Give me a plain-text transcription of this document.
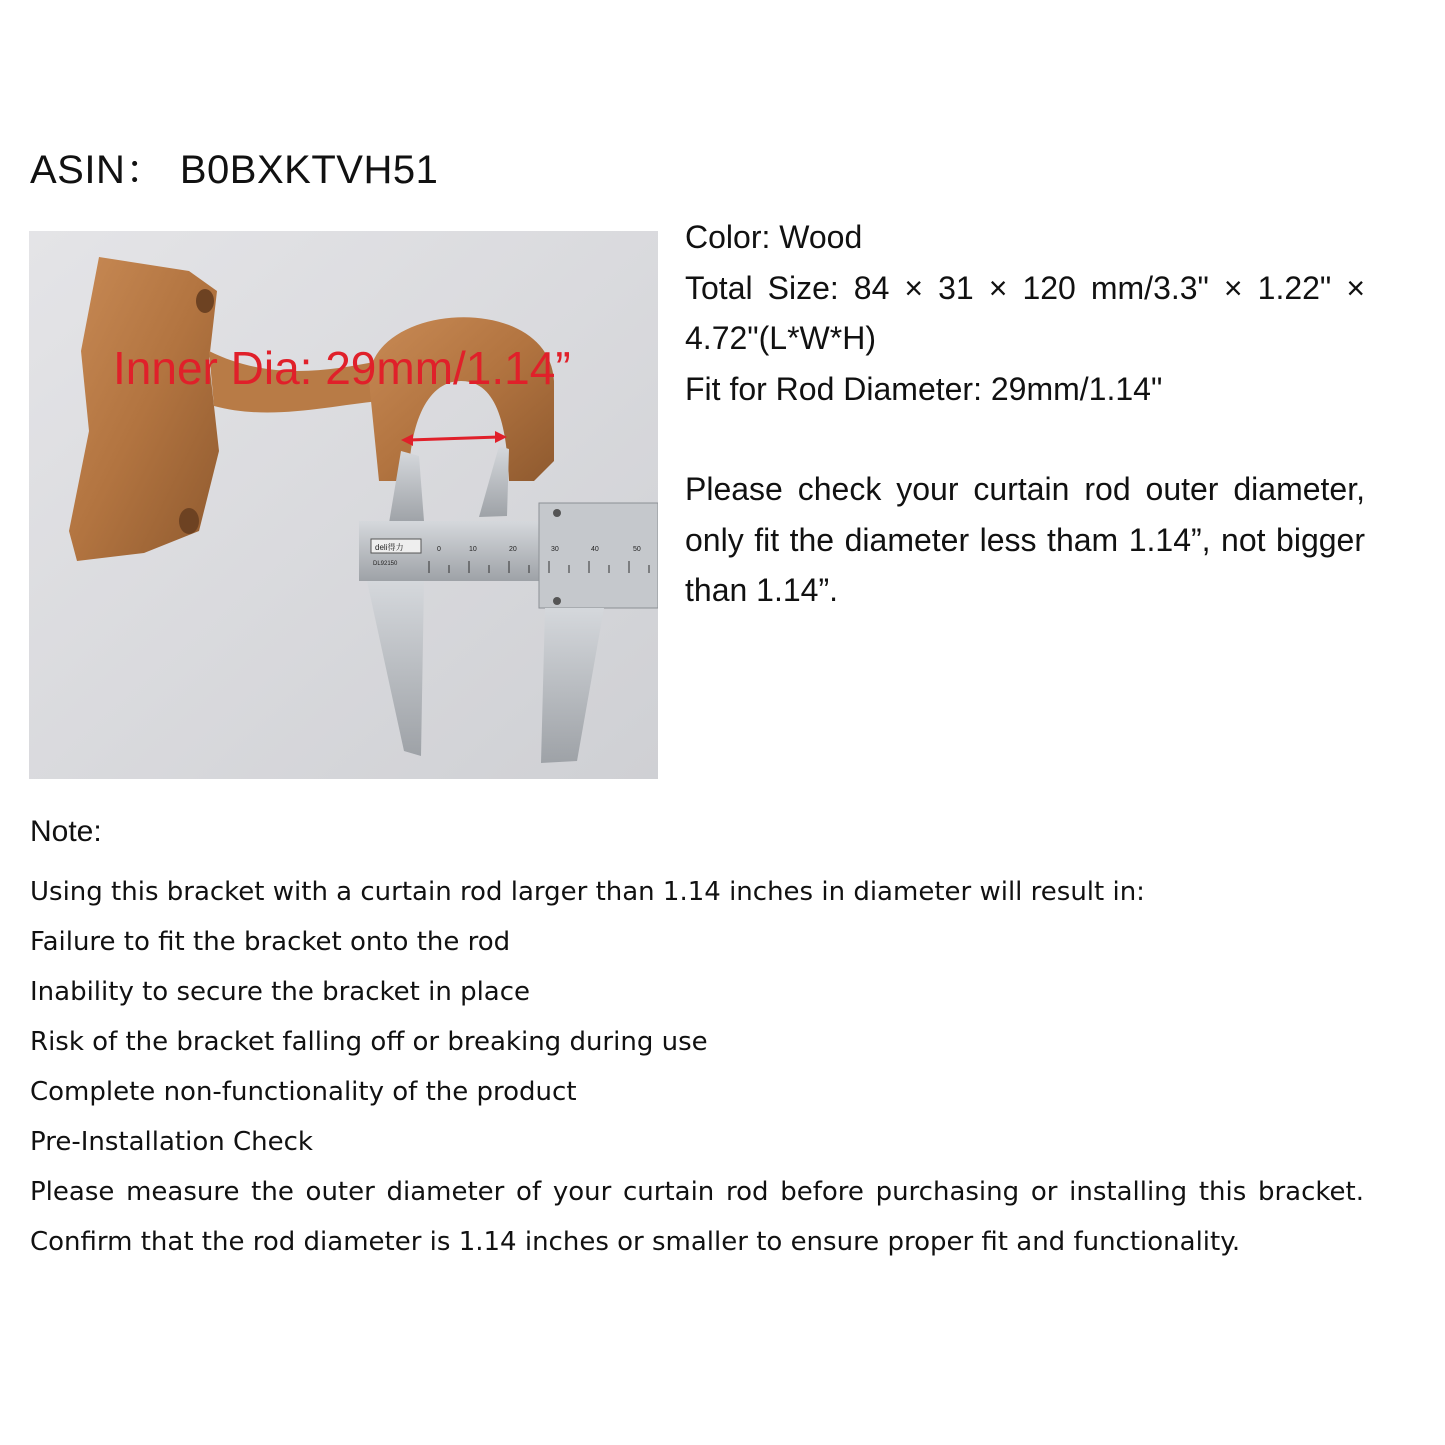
ASIN： B0BXKTVH51
deli得力
DL92150
0	10	20	30	40	50
Inner Dia: 29mm/1.14”

Color: Wood

Total Size: 84 × 31 × 120 mm/3.3" × 1.22" × 4.72"(L*W*H)

Fit for Rod Diameter: 29mm/1.14"

Please check your curtain rod outer diameter, only fit the diameter less tham 1.14”, not bigger than 1.14”.

Note:

Using this bracket with a curtain rod larger than 1.14 inches in diameter will result in:

Failure to fit the bracket onto the rod

Inability to secure the bracket in place

Risk of the bracket falling off or breaking during use

Complete non-functionality of the product

Pre-Installation Check

Please measure the outer diameter of your curtain rod before purchasing or installing this bracket. Confirm that the rod diameter is 1.14 inches or smaller to ensure proper fit and functionality.
